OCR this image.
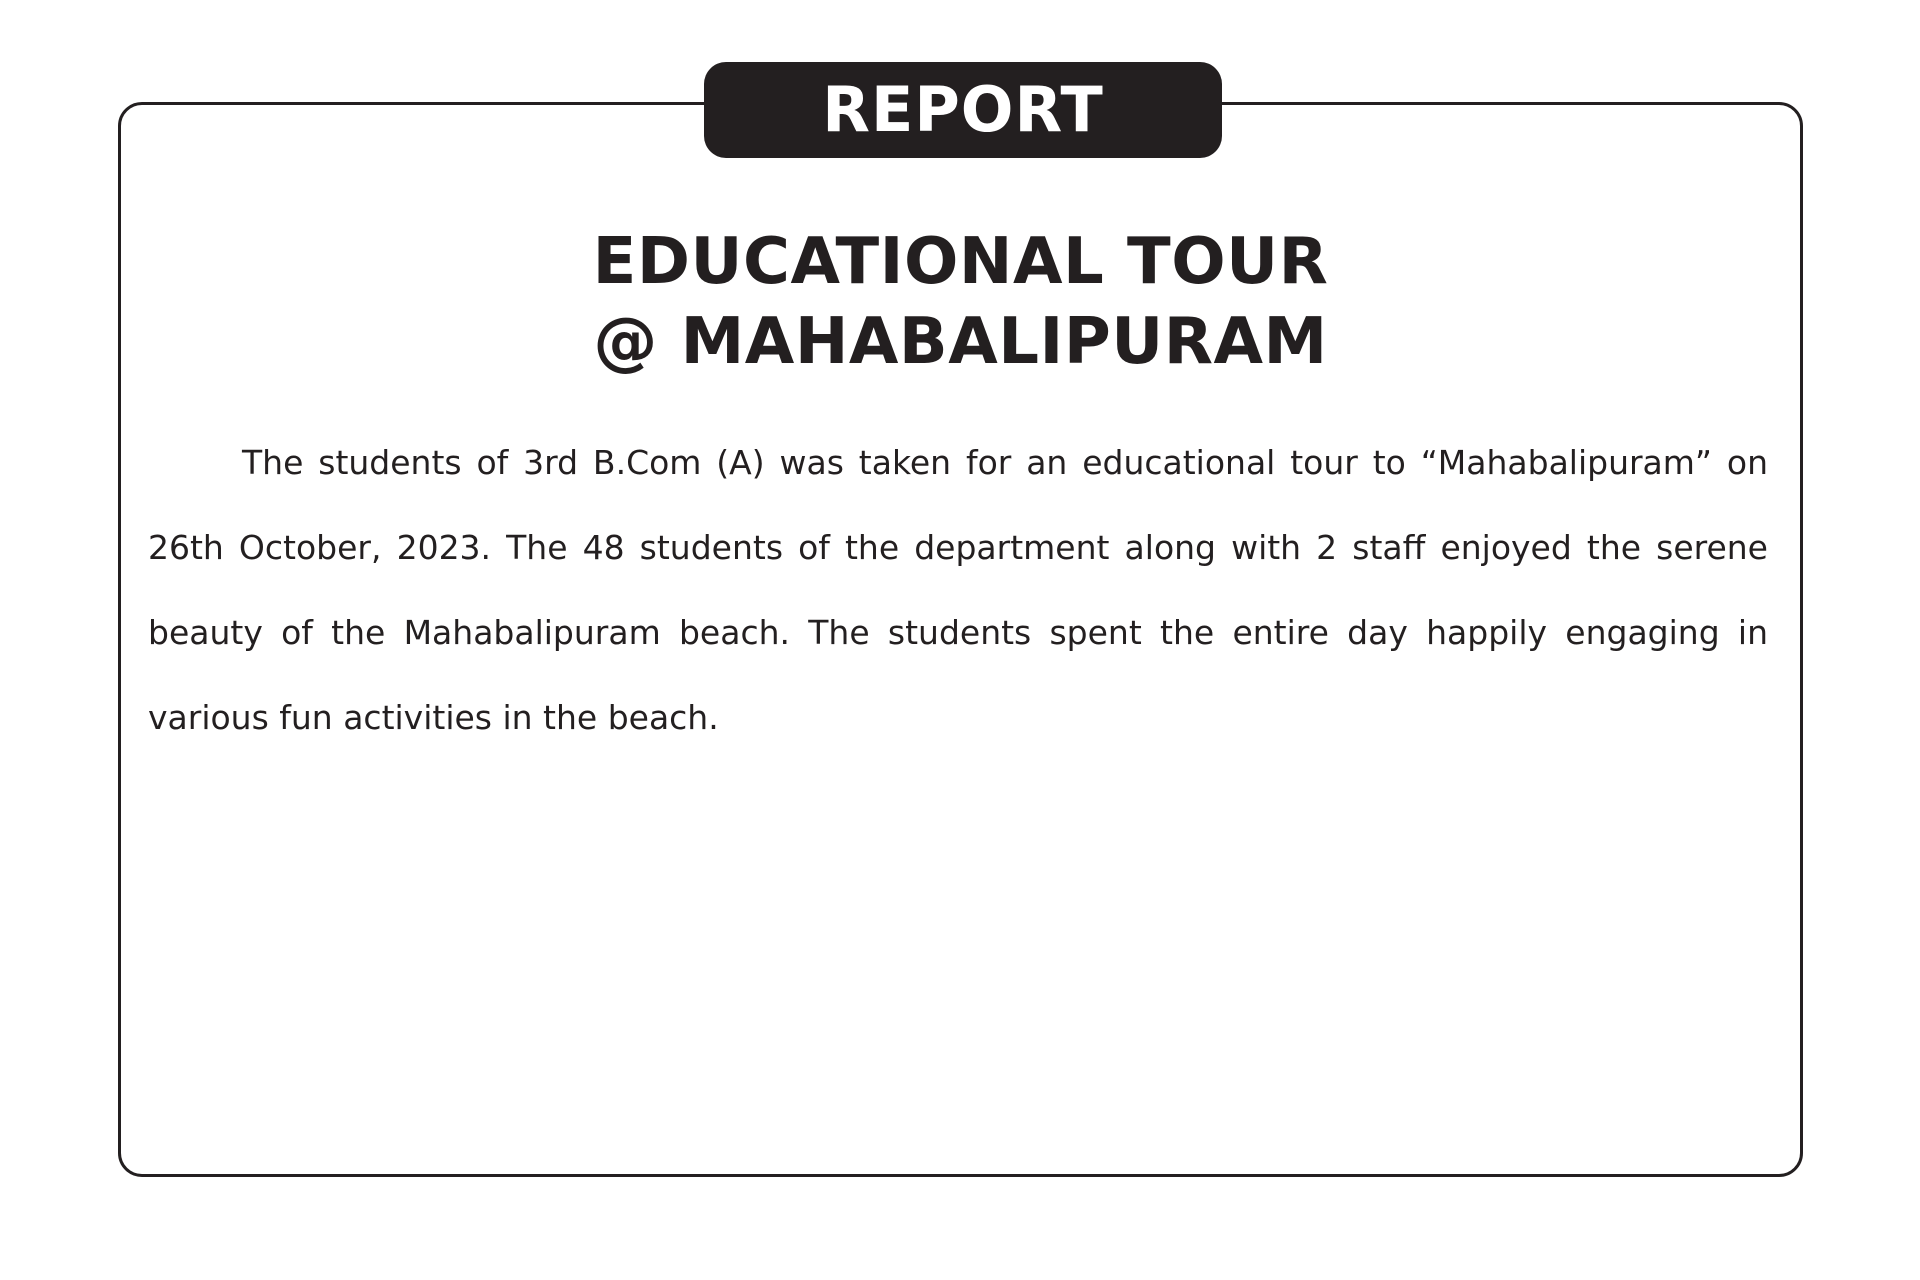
REPORT
EDUCATIONAL TOUR
@ MAHABALIPURAM

The students of 3rd B.Com (A) was taken for an educational tour to “Mahabalipuram” on 26th October, 2023. The 48 students of the department along with 2 staff enjoyed the serene beauty of the Mahabalipuram beach. The students spent the entire day happily engaging in various fun activities in the beach.
